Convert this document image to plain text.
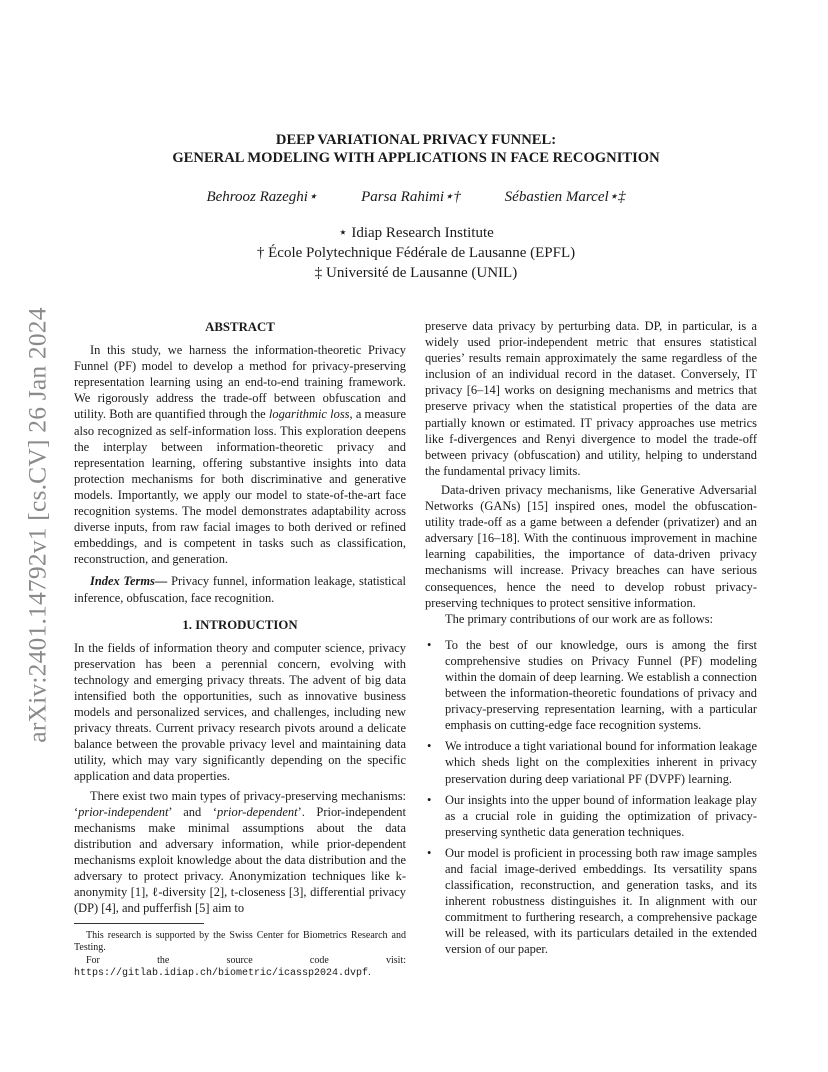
arXiv:2401.14792v1 [cs.CV] 26 Jan 2024
DEEP VARIATIONAL PRIVACY FUNNEL:
GENERAL MODELING WITH APPLICATIONS IN FACE RECOGNITION
Behrooz Razeghi⋆	Parsa Rahimi⋆†	Sébastien Marcel⋆‡
⋆ Idiap Research Institute
† École Polytechnique Fédérale de Lausanne (EPFL)
‡ Université de Lausanne (UNIL)
ABSTRACT

In this study, we harness the information-theoretic Privacy Funnel (PF) model to develop a method for privacy-preserving representation learning using an end-to-end training framework. We rigorously address the trade-off between obfuscation and utility. Both are quantified through the logarithmic loss, a measure also recognized as self-information loss. This exploration deepens the interplay between information-theoretic privacy and representation learning, offering substantive insights into data protection mechanisms for both discriminative and generative models. Importantly, we apply our model to state-of-the-art face recognition systems. The model demonstrates adaptability across diverse inputs, from raw facial images to both derived or refined embeddings, and is competent in tasks such as classification, reconstruction, and generation.

Index Terms— Privacy funnel, information leakage, statistical inference, obfuscation, face recognition.

1. INTRODUCTION

In the fields of information theory and computer science, privacy preservation has been a perennial concern, evolving with technology and emerging privacy threats. The advent of big data intensified both the opportunities, such as innovative business models and personalized services, and challenges, including new privacy threats. Current privacy research pivots around a delicate balance between the provable privacy level and maintaining data utility, which may vary significantly depending on the specific application and data properties.

There exist two main types of privacy-preserving mechanisms: ‘prior-independent’ and ‘prior-dependent’. Prior-independent mechanisms make minimal assumptions about the data distribution and adversary information, while prior-dependent mechanisms exploit knowledge about the data distribution and the adversary to protect privacy. Anonymization techniques like k-anonymity [1], ℓ-diversity [2], t-closeness [3], differential privacy (DP) [4], and pufferfish [5] aim to

This research is supported by the Swiss Center for Biometrics Research and Testing.

For the source code visit: https://gitlab.idiap.ch/biometric/icassp2024.dvpf.

preserve data privacy by perturbing data. DP, in particular, is a widely used prior-independent metric that ensures statistical queries’ results remain approximately the same regardless of the inclusion of an individual record in the dataset. Conversely, IT privacy [6–14] works on designing mechanisms and metrics that preserve privacy when the statistical properties of the data are partially known or estimated. IT privacy approaches use metrics like f-divergences and Renyi divergence to model the trade-off between privacy (obfuscation) and utility, helping to understand the fundamental privacy limits.

Data-driven privacy mechanisms, like Generative Adversarial Networks (GANs) [15] inspired ones, model the obfuscation-utility trade-off as a game between a defender (privatizer) and an adversary [16–18]. With the continuous improvement in machine learning capabilities, the importance of data-driven privacy mechanisms will increase. Privacy breaches can have serious consequences, hence the need to develop robust privacy-preserving techniques to protect sensitive information.

The primary contributions of our work are as follows:

• To the best of our knowledge, ours is among the first comprehensive studies on Privacy Funnel (PF) modeling within the domain of deep learning. We establish a connection between the information-theoretic foundations of privacy and privacy-preserving representation learning, with a particular emphasis on cutting-edge face recognition systems.
• We introduce a tight variational bound for information leakage which sheds light on the complexities inherent in privacy preservation during deep variational PF (DVPF) learning.
• Our insights into the upper bound of information leakage play as a crucial role in guiding the optimization of privacy-preserving synthetic data generation techniques.
• Our model is proficient in processing both raw image samples and facial image-derived embeddings. Its versatility spans classification, reconstruction, and generation tasks, and its inherent robustness distinguishes it. In alignment with our commitment to furthering research, a comprehensive package will be released, with its particulars detailed in the extended version of our paper.
